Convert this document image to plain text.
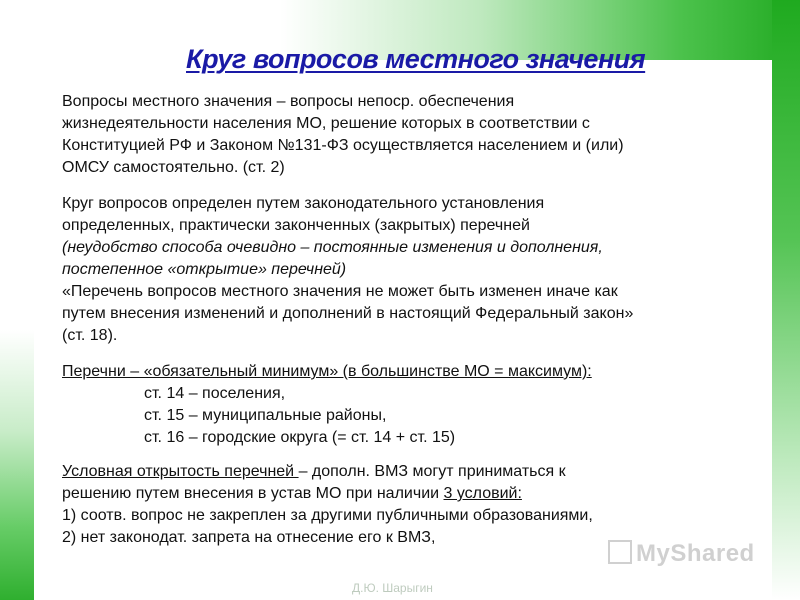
Круг вопросов местного значения

Вопросы местного значения – вопросы непоср. обеспечения

жизнедеятельности населения МО, решение которых в соответствии с

Конституцией РФ и Законом №131-ФЗ осуществляется населением и (или)

ОМСУ самостоятельно. (ст. 2)

Круг вопросов определен путем законодательного установления

определенных, практически законченных (закрытых) перечней

(неудобство способа очевидно – постоянные изменения и дополнения,

постепенное «открытие» перечней)

«Перечень вопросов местного значения не может быть изменен иначе как

путем внесения изменений и дополнений в настоящий Федеральный закон»

(ст. 18).

Перечни – «обязательный минимум» (в большинстве МО = максимум):

ст. 14 – поселения,

ст. 15 – муниципальные районы,

ст. 16 – городские округа (= ст. 14 + ст. 15)

Условная открытость перечней – дополн. ВМЗ могут приниматься к

решению путем внесения в устав МО при наличии 3 условий:

1) соотв. вопрос не закреплен за другими публичными образованиями,

2) нет законодат. запрета на отнесение его к ВМЗ,

MyShared
Д.Ю. Шарыгин
